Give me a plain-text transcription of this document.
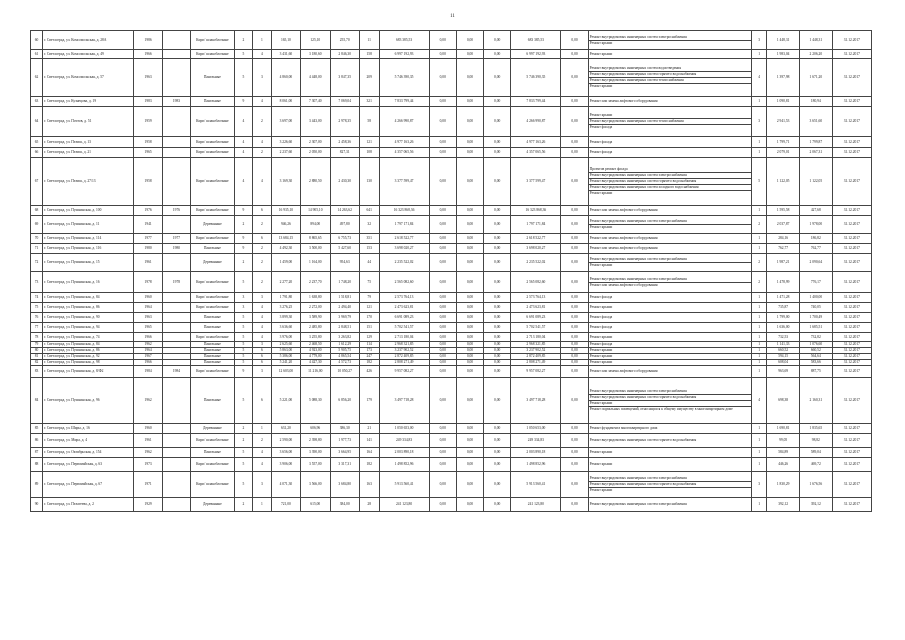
11
60	г. Светлоград, ул. Комсомольская, д. 28А	1986		Кирп/ шлакоблочные	2	1	165,10	125,10	255,70	11	683 385,53	0,00	0,00	0,00	683 385,53	0,00	Ремонт внутридомовых инженерных систем электроснабжения
Ремонт крыши	3	1 448,31	1 448,31	31.12.2017
61	г. Светлоград, ул. Комсомольская, д. 49	1966		Кирп/ шлакоблочные	5	4	3 431,60	3 180,60	2 846,30	158	6 997 192,93	0,00	0,00	0,00	6 997 192,93	0,00	Ремонт крыши	1	1 983,04	2 206,20	31.12.2017
62	г. Светлоград, ул. Комсомольская, д. 57	1963		Панельные	5	3	4 860,00	4 448,00	3 847,35	209	5 746 390,35	0,00	0,00	0,00	5 746 390,35	0,00	Ремонт внутридомовых инженерных систем водоотведения
Ремонт внутридомовых инженерных систем горячего водоснабжения
Ремонт внутридомовых инженерных систем теплоснабжения
Ремонт крыши	4	1 397,98	1 671,20	31.12.2017
63	г. Светлоград, ул. Кузнецова, д. 19	1983	1983	Панельные	9	4	8 061,00	7 307,40	7 069,04	321	7 833 799,44	0,00	0,00	0,00	7 833 799,44	0,00	Ремонт или замена лифтового оборудования	1	1 090,81	180,94	31.12.2017
64	г. Светлоград, ул. Почтов, д. 51	1959		Кирп/ шлакоблочные	4	2	3 697,00	3 443,00	2 978,35	58	4 266 990,87	0,00	0,00	0,00	4 266 990,87	0,00	Ремонт крыши
Ремонт внутридомовых инженерных систем теплоснабжения
Ремонт фасада	3	2 941,53	3 651,60	31.12.2017
65	г. Светлоград, ул. Пелиш, д. 13	1958		Кирп/ шлакоблочные	4	4	3 226,60	2 307,00	2 458,36	121	4 977 163,26	0,00	0,00	0,00	4 977 163,26	0,00	Ремонт фасада	1	1 799,71	1 799,87	31.12.2017
66	г. Светлоград, ул. Пелиш, д. 21	1965		Кирп/ шлакоблочные	4	2	2 237,60	2 050,00	827,31	108	4 357 065,56	0,00	0,00	0,00	4 357 065,56	0,00	Ремонт фасада	1	2 079,01	2 067,31	31.12.2017
67	г. Светлоград, ул. Пелиш, д. 27/13	1958		Кирп/ шлакоблочные	4	4	3 169,30	2 880,50	2 430,30	130	3 377 599,47	0,00	0,00	0,00	3 377 599,47	0,00	Проектов ремонт фасада
Ремонт внутридомовых инженерных систем электроснабжения
Ремонт внутридомовых инженерных систем горячего водоснабжения
Ремонт внутридомовых инженерных систем холодного водоснабжения
Ремонт крыши	5	1 122,05	1 122,05	31.12.2017
68	г. Светлоград, ул. Пушкинская, д. 100	1976	1976	Кирп/ шлакоблочные	9	6	16 935,10	14 905,10	14 263,62	641	16 323 868,36	0,00	0,00	0,00	16 323 868,36	0,00	Ремонт или замена лифтового оборудования	1	1 595,58	427,68	31.12.2017
69	г. Светлоград, ул. Пушкинская, д. 11	1941		Деревянные	2	2	946,26	894,00	497,80	32	1 797 171,84	0,00	0,00	0,00	1 797 171,84	0,00	Ремонт внутридомовых инженерных систем электроснабжения
Ремонт крыши	2	2 037,87	1 978,00	31.12.2017
70	г. Светлоград, ул. Пушкинская, д. 114	1977	1977	Кирп/ шлакоблочные	9	6	13 684,15	8 865,65	6 755,73	351	2 618 522,77	0,00	0,00	0,00	2 618 522,77	0,00	Ремонт или замена лифтового оборудования	1	284,16	186,82	31.12.2017
71	г. Светлоград, ул. Пушкинская, д. 116	1980	1980	Панельные	9	2	4 492,30	3 500,00	5 427,60	153	3 698 020,27	0,00	0,00	0,00	3 698 020,27	0,00	Ремонт или замена лифтового оборудования	1	762,77	762,77	31.12.2017
72	г. Светлоград, ул. Пушкинская, д. 15	1961		Деревянные	2	2	1 459,00	1 164,00	954,63	44	2 235 522,02	0,00	0,00	0,00	2 235 522,02	0,00	Ремонт внутридомовых инженерных систем электроснабжения
Ремонт крыши	2	1 987,21	2 090,64	31.12.2017
73	г. Светлоград, ул. Пушкинская, д. 16	1978	1978	Кирп/ шлакоблочные	5	2	2 277,20	2 237,70	1 748,20	75	2 565 082,60	0,00	0,00	0,00	2 565 082,60	0,00	Ремонт внутридомовых инженерных систем электроснабжения
Ремонт или замена лифтового оборудования	2	1 478,99	776,17	31.12.2017
74	г. Светлоград, ул. Пушкинская, д. 84	1960		Кирп/ шлакоблочные	3	3	1 791,80	1 638,80	1 518,81	79	2 573 764,13	0,00	0,00	0,00	2 573 764,13	0,00	Ремонт фасада	1	1 471,28	1 400,00	31.12.2017
75	г. Светлоград, ул. Пушкинская, д. 86	1964		Кирп/ шлакоблочные	3	4	3 276,25	2 272,00	2 494,40	121	2 473 623,81	0,00	0,00	0,00	2 473 623,81	0,00	Ремонт крыши	1	735,87	740,05	31.12.2017
76	г. Светлоград, ул. Пушкинская, д. 90	1963		Панельные	5	4	3 899,30	3 589,90	3 969,79	170	6 691 089,23	0,00	0,00	0,00	6 691 089,23	0,00	Ремонт фасада	1	1 799,00	1 700,49	31.12.2017
77	г. Светлоград, ул. Пушкинская, д. 94	1965		Панельные	5	4	3 636,60	2 485,80	2 848,51	151	5 702 541,57	0,00	0,00	0,00	5 702 541,57	0,00	Ремонт фасада	1	1 636,00	1 685,51	31.12.2017
78	г. Светлоград, ул. Пушкинская, д. 74	1966		Кирп/ шлакоблочные	5	4	3 976,00	3 255,80	3 263,82	129	2 713 180,04	0,00	0,00	0,00	2 713 180,04	0,00	Ремонт крыши	1	732,53	732,82	31.12.2017
79	г. Светлоград, ул. Пушкинская, д. 84	1962		Панельные	5	3	2 625,60	2 468,50	1 612,29	114	2 968 321,85	0,00	0,00	0,00	2 968 321,85	0,00	Ремонт фасада	1	1 141,33	1 076,60	31.12.2017
80	г. Светлоград, ул. Пушкинская, д. 86	1964		Панельные	5	6	5 863,00	4 923,00	5 905,75	173	3 237 902,52	0,00	0,00	0,00	3 237 902,52	0,00	Ремонт крыши	1	660,52	660,52	31.12.2017
81	г. Светлоград, ул. Пушкинская, д. 92	1967		Панельные	5	6	5 386,00	4 779,00	4 865,54	247	2 872 409,85	0,00	0,00	0,00	2 872 409,85	0,00	Ремонт крыши	1	594,15	564,64	31.12.2017
82	г. Светлоград, ул. Пушкинская, д. 98	1966		Панельные	5	6	5 241,20	4 427,30	4 572,73	182	2 808 271,49	0,00	0,00	0,00	2 808 271,49	0,00	Ремонт крыши	1	608,04	583,66	31.12.2017
83	г. Светлоград, ул. Пушкинская, д. 8/Ф2	1984	1984	Кирп/ шлакоблочные	9	3	12 603,00	11 216,00	10 050,27	426	9 957 082,27	0,00	0,00	0,00	9 957 082,27	0,00	Ремонт или замена лифтового оборудования	1	963,69	887,75	31.12.2017
84	г. Светлоград, ул. Пушкинская, д. 96	1962		Панельные	5	6	5 221,00	5 088,30	6 856,20	179	3 497 718,28	0,00	0,00	0,00	3 497 718,28	0,00	Ремонт внутридомовых инженерных систем электроснабжения
Ремонт внутридомовых инженерных систем горячего водоснабжения
Ремонт крыши
Ремонт подвальных помещений, относящихся к общему имуществу в многоквартирном доме	4	698,38	2 160,31	31.12.2017
85	г. Светлоград, ул. Шары, д. 16	1960		Деревянные	2	1	631,20	606,96	386,30	21	1 050 653,00	0,00	0,00	0,00	1 050 653,00	0,00	Ремонт фундамента многоквартирного дома	1	1 690,81	1 835,65	31.12.2017
86	г. Светлоград, ул. Мира, д. 4	1961		Кирп/ шлакоблочные	2	2	2 590,00	2 398,80	1 977,73	141	249 334,83	0,00	0,00	0,00	249 334,83	0,00	Ремонт внутридомовых инженерных систем горячего водоснабжения	1	99,05	98,82	31.12.2017
87	г. Светлоград, ул. Октябрьская, д. 154	1962		Панельные	5	4	3 656,00	3 390,00	3 664,95	164	2 003 890,18	0,00	0,00	0,00	2 003 890,18	0,00	Ремонт крыши	1	584,89	589,04	31.12.2017
88	г. Светлоград, ул. Первомайская, д. 63	1973		Кирп/ шлакоблочные	5	4	3 906,00	3 557,00	3 317,31	182	1 498 852,96	0,00	0,00	0,00	1 498 852,96	0,00	Ремонт крыши	1	446,26	469,72	31.12.2017
89	г. Светлоград, ул. Первомайская, д. 67	1971		Кирп/ шлакоблочные	5	3	4 071,30	3 566,00	3 684,80	163	5 913 560,41	0,00	0,00	0,00	5 913 560,41	0,00	Ремонт внутридомовых инженерных систем электроснабжения
Ремонт внутридомовых инженерных систем горячего водоснабжения
Ремонт крыши	3	1 830,29	1 676,56	31.12.2017
90	г. Светлоград, ул. Пелагеева, д. 2	1929		Деревянные	2	1	721,00	615,00	384,00	28	241 123,80	0,00	0,00	0,00	241 123,80	0,00	Ремонт внутридомовых инженерных систем электроснабжения	1	392,12	392,12	31.12.2017
